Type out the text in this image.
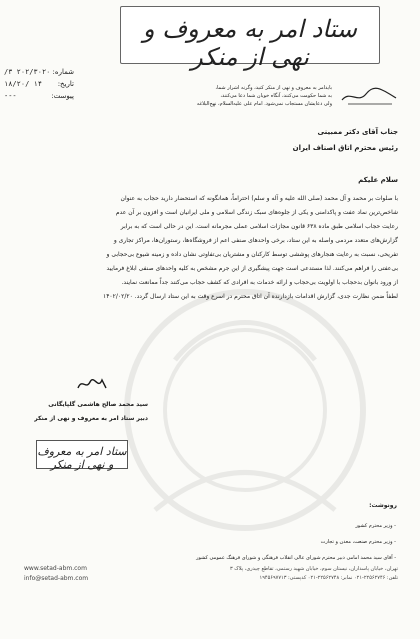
ستاد امر به معروف و نهی از منکر
شماره:
۲۰۲/۳۰۲۰ ۳/
تاریخ:
۱۴ /۱۸/۲۰
پیوست:
---
بایدامر به معروف و نهی از منکر کنید، وگرنه اشرار شما،
به شما حکومت می‌کنند، آنگاه خوبان شما دعا می‌کنند،
ولی دعایشان مستجاب نمی‌شود. امام علی علیه‌السلام، نهج‌البلاغه
جناب آقای دکتر ممبینی
رئیس محترم اتاق اصناف ایران
سلام علیکم

با صلوات بر محمد و آل محمد (صلی الله علیه و آله و سلم) احتراماً، همانگونه که استحضار دارید حجاب به عنوان

شاخص‌ترین نماد عفت و پاکدامنی و یکی از جلوه‌های سبک زندگی اسلامی و ملی ایرانیان است و افزون بر آن عدم

رعایت حجاب اسلامی طبق ماده ۶۳۸ قانون مجازات اسلامی عملی مجرمانه است. این در حالی است که به برابر

گزارش‌های متعدد مردمی واصله به این ستاد، برخی واحدهای صنفی اعم از فروشگاه‌ها، رستوران‌ها، مراکز تجاری و

تفریحی، نسبت به رعایت هنجارهای پوششی توسط کارکنان و مشتریان بی‌تفاوتی نشان داده و زمینه شیوع بی‌حجابی و

بی‌عفتی را فراهم می‌کنند. لذا مستدعی است جهت پیشگیری از این جرم مشخص به کلیه واحدهای صنفی ابلاغ فرمایید

از ورود بانوان بدحجاب با اولویت بی‌حجاب و ارائه خدمات به افرادی که کشف حجاب می‌کنند جداً ممانعت نمایند.

لطفاً ضمن نظارت جدی، گزارش اقدامات بازدارنده آن اتاق محترم در اسرع وقت به این ستاد ارسال گردد. ۱۴۰۲/۰۲/۲۰

سید محمد صالح هاشمی گلپایگانی
دبیر ستاد امر به معروف و نهی از منکر
ستاد امر به معروف و نهی از منکر
رونوشت:
- وزیر محترم کشور
- وزیر محترم صنعت، معدن و تجارت
- آقای سید محمد امامی دبیر محترم شورای عالی انقلاب فرهنگی و شورای فرهنگ عمومی کشور
www.setad-abm.com
info@setad-abm.com
تهران، خیابان پاسداران، نیستان سوم، خیابان شهید رستمی، تقاطع چیذری، پلاک ۳
تلفن: ۲۲۵۶۲۷۴۶-۰۲۱ نمابر: ۲۲۵۶۲۷۴۸-۰۲۱ کدپستی: ۱۹۴۵۶۹۷۷۱۳
